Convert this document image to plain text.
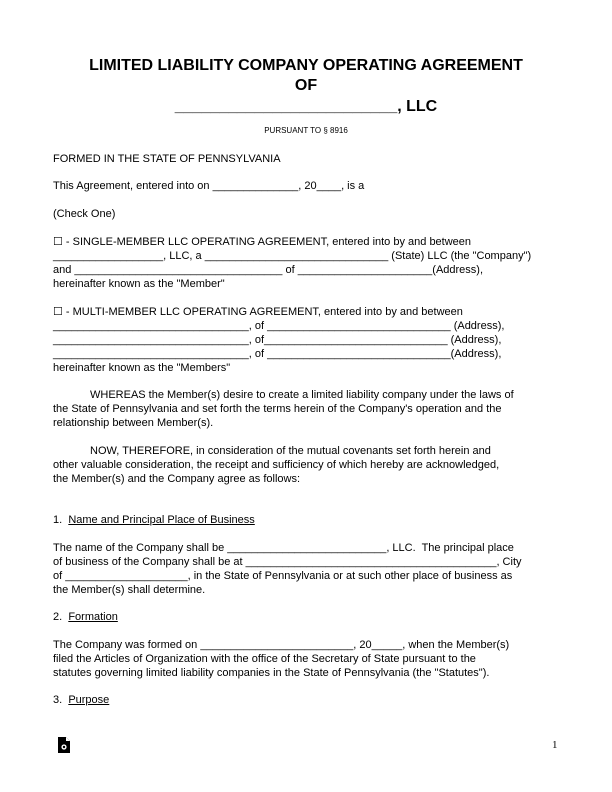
LIMITED LIABILITY COMPANY OPERATING AGREEMENT
OF
_________________________, LLC
PURSUANT TO § 8916
FORMED IN THE STATE OF PENNSYLVANIA
This Agreement, entered into on ______________, 20____, is a
(Check One)
☐ - SINGLE-MEMBER LLC OPERATING AGREEMENT, entered into by and between
__________________, LLC, a ______________________________ (State) LLC (the "Company")
and __________________________________ of ______________________(Address),
hereinafter known as the "Member"
☐ - MULTI-MEMBER LLC OPERATING AGREEMENT, entered into by and between
________________________________, of ______________________________ (Address),
________________________________, of______________________________ (Address),
________________________________, of ______________________________(Address),
hereinafter known as the "Members"
WHEREAS the Member(s) desire to create a limited liability company under the laws of
the State of Pennsylvania and set forth the terms herein of the Company's operation and the
relationship between Member(s).
NOW, THEREFORE, in consideration of the mutual covenants set forth herein and
other valuable consideration, the receipt and sufficiency of which hereby are acknowledged,
the Member(s) and the Company agree as follows:
1. Name and Principal Place of Business
The name of the Company shall be __________________________, LLC.  The principal place
of business of the Company shall be at _________________________________________, City
of ____________________, in the State of Pennsylvania or at such other place of business as
the Member(s) shall determine.
2. Formation
The Company was formed on _________________________, 20_____, when the Member(s)
filed the Articles of Organization with the office of the Secretary of State pursuant to the
statutes governing limited liability companies in the State of Pennsylvania (the "Statutes").
3. Purpose
1
